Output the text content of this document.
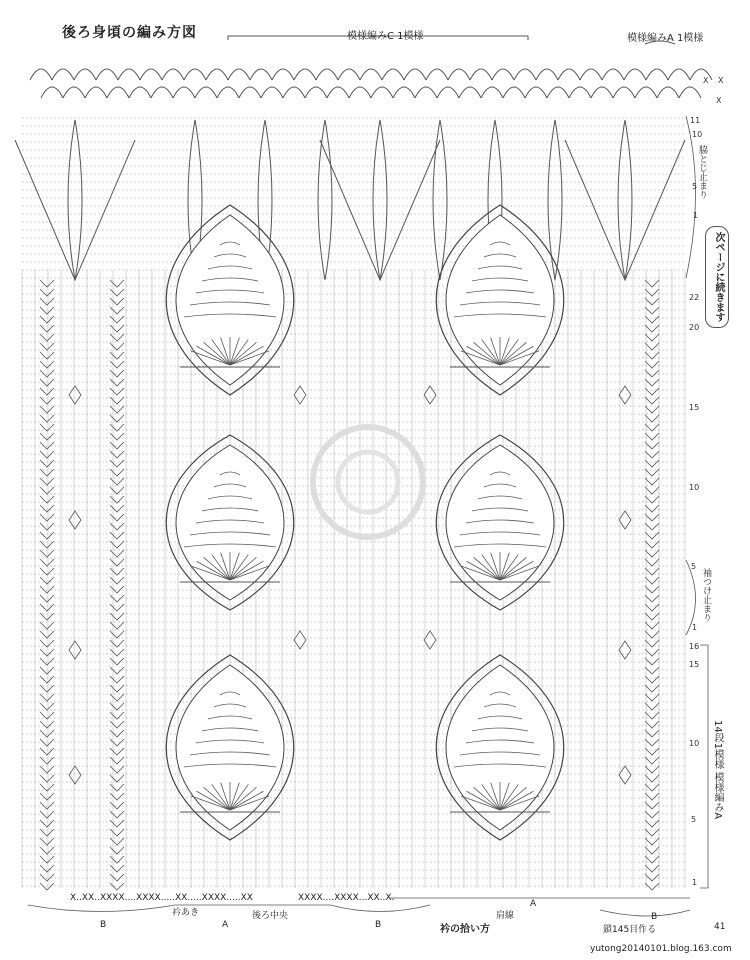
後ろ身頃の編み方図	模様編みC 1模様	模様編みA 1模様
脇とじ止まり
次ページに続きます
袖つけ止まり
14段1模様 模様編みA
11
10
5
1
22
20
15
10
5
1
16
15
10
5
1
X X
X
X..XX..XXXX....XXXX.....XX.....XXXX.....XX	XXXX....XXXX...XX..X.
B	A	B
A
B
衿あき	後ろ中央	肩線
衿の拾い方	鎖145目作る	41
yutong20140101.blog.163.com
